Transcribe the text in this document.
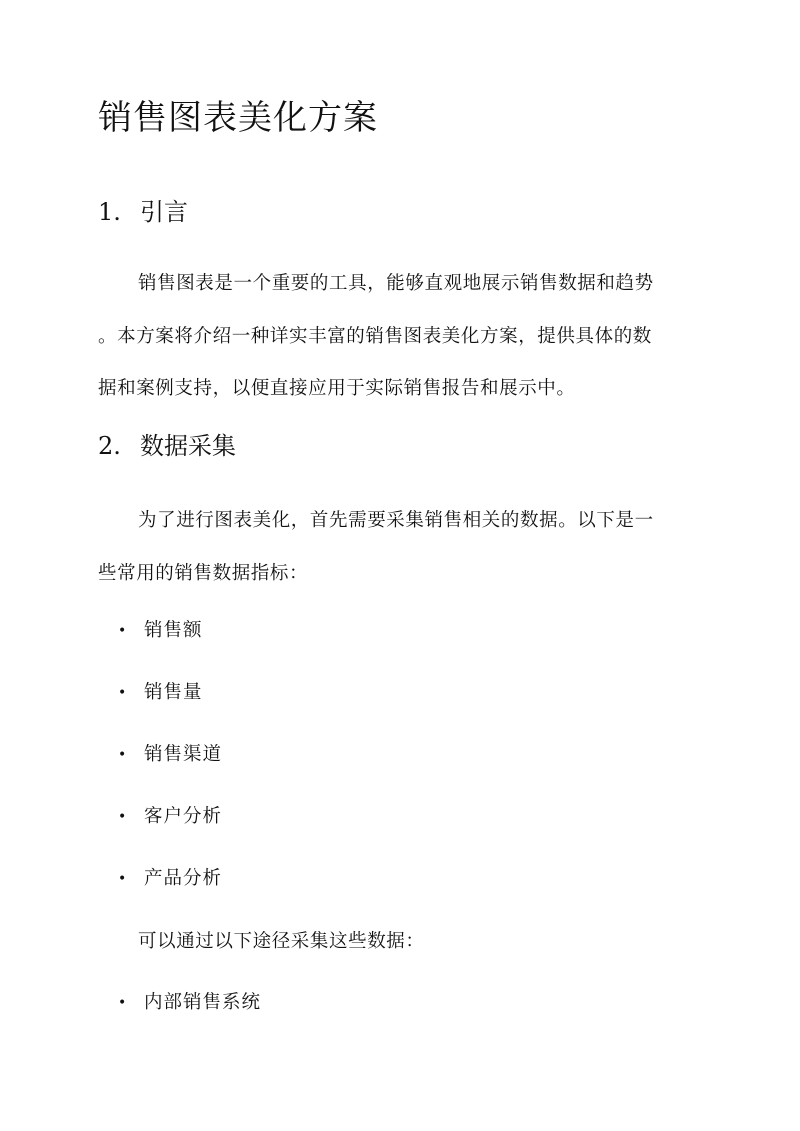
销售图表美化方案
1. 引言
销售图表是一个重要的工具，能够直观地展示销售数据和趋势
。本方案将介绍一种详实丰富的销售图表美化方案，提供具体的数
据和案例支持，以便直接应用于实际销售报告和展示中。
2. 数据采集
为了进行图表美化，首先需要采集销售相关的数据。以下是一
些常用的销售数据指标：
• 销售额
• 销售量
• 销售渠道
• 客户分析
• 产品分析
可以通过以下途径采集这些数据：
• 内部销售系统
